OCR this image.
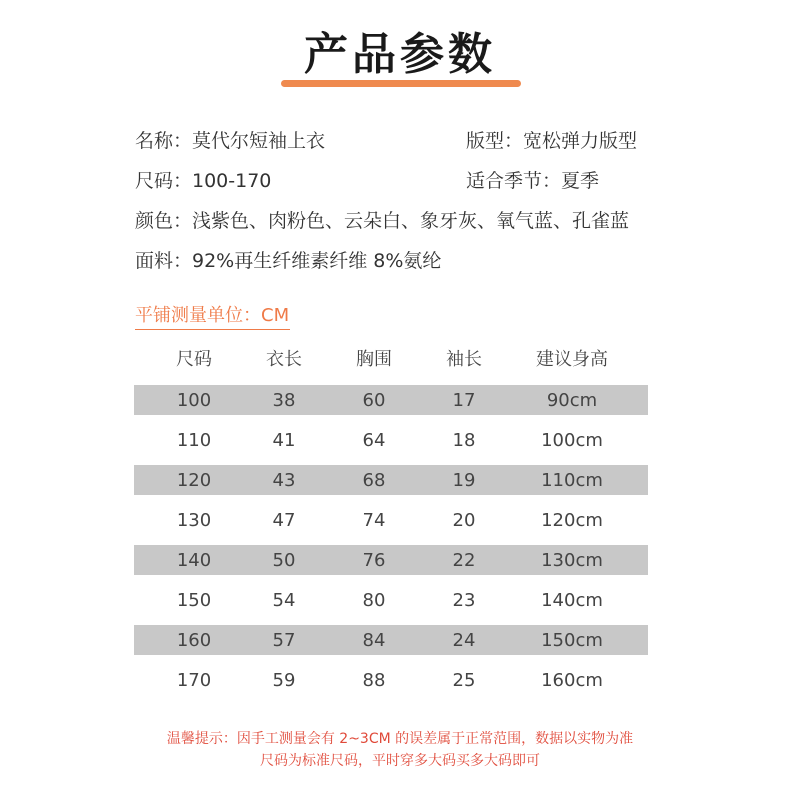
产品参数
名称：莫代尔短袖上衣	版型：宽松弹力版型
尺码：100-170	适合季节：夏季
颜色：浅紫色、肉粉色、云朵白、象牙灰、氧气蓝、孔雀蓝
面料：92%再生纤维素纤维 8%氨纶
平铺测量单位：CM
尺码	衣长	胸围	袖长	建议身高
100	38	60	17	90cm
110	41	64	18	100cm
120	43	68	19	110cm
130	47	74	20	120cm
140	50	76	22	130cm
150	54	80	23	140cm
160	57	84	24	150cm
170	59	88	25	160cm
温馨提示：因手工测量会有 2~3CM 的误差属于正常范围，数据以实物为准
尺码为标准尺码，平时穿多大码买多大码即可
